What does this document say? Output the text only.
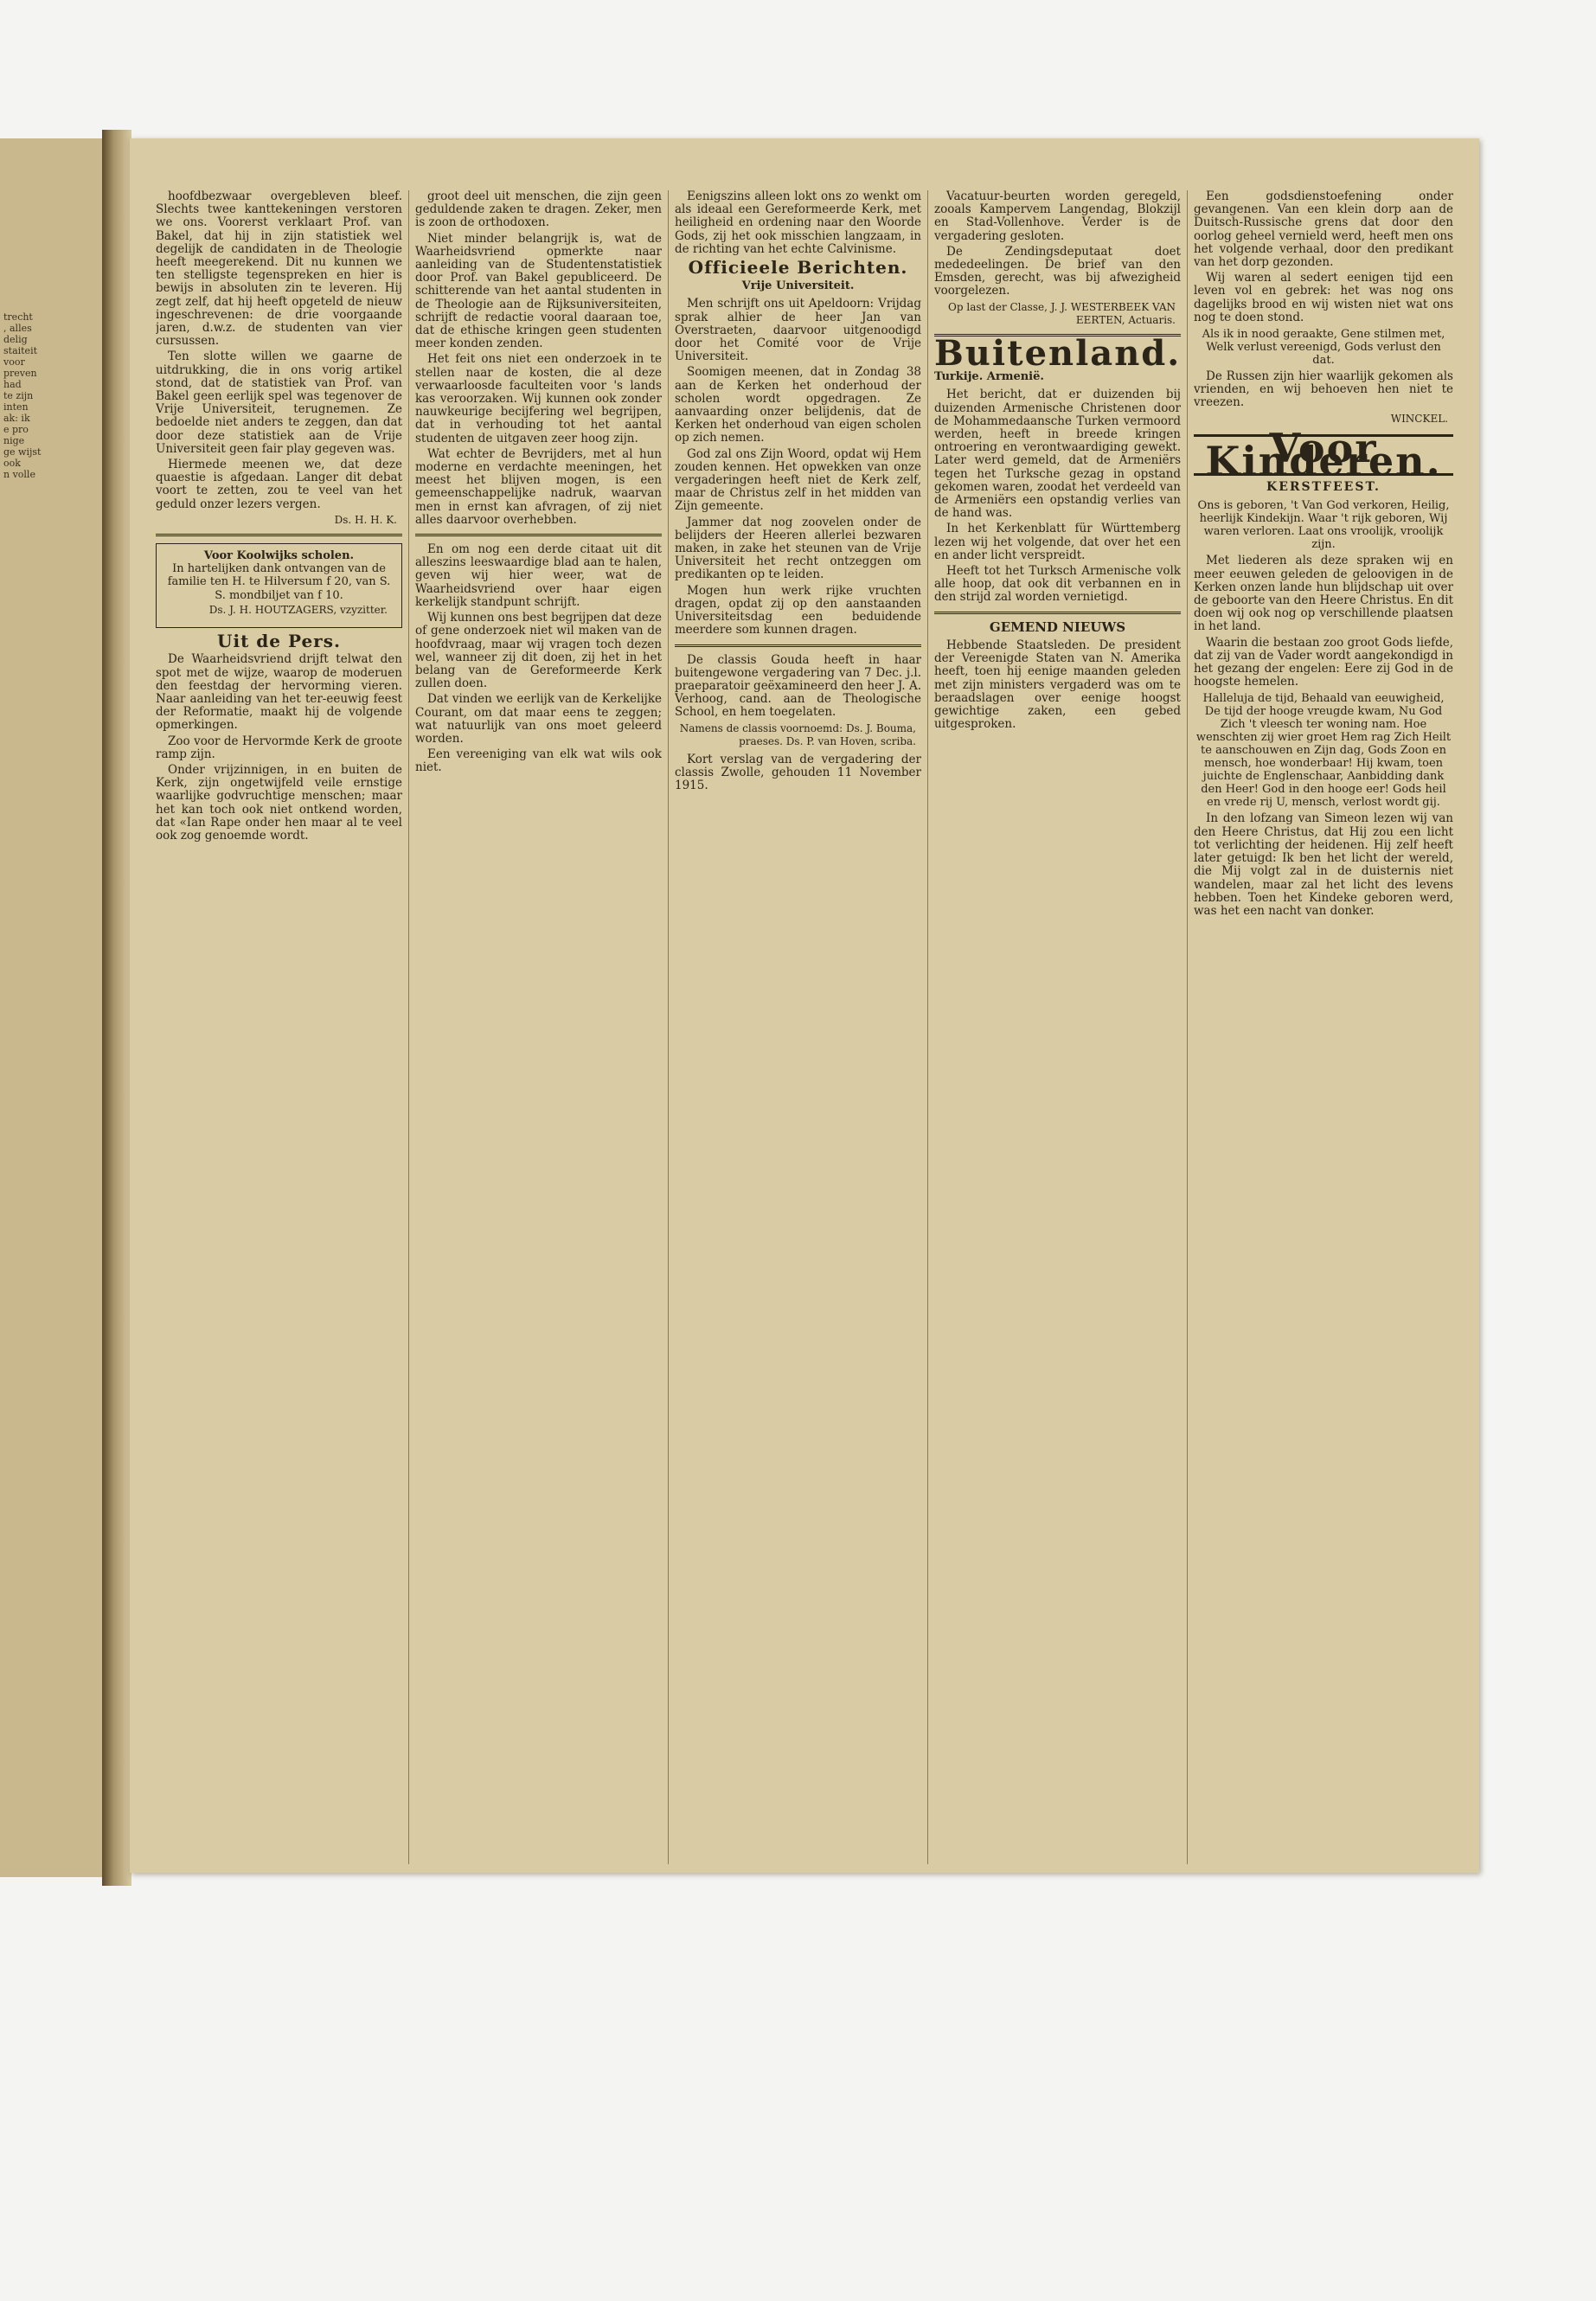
trecht
, alles
delig
staiteit
voor
preven
had
te zijn
inten
ak: ik
e pro
nige
ge wijst
ook
n volle

hoofdbezwaar overgebleven bleef. Slechts twee kanttekeningen verstoren we ons. Voorerst verklaart Prof. van Bakel, dat hij in zijn statistiek wel degelijk de candidaten in de Theologie heeft meegerekend. Dit nu kunnen we ten stelligste tegenspreken en hier is bewijs in absoluten zin te leveren. Hij zegt zelf, dat hij heeft opgeteld de nieuw ingeschrevenen: de drie voorgaande jaren, d.w.z. de studenten van vier cursussen.

Ten slotte willen we gaarne de uitdrukking, die in ons vorig artikel stond, dat de statistiek van Prof. van Bakel geen eerlijk spel was tegenover de Vrije Universiteit, terugnemen. Ze bedoelde niet anders te zeggen, dan dat door deze statistiek aan de Vrije Universiteit geen fair play gegeven was.

Hiermede meenen we, dat deze quaestie is afgedaan. Langer dit debat voort te zetten, zou te veel van het geduld onzer lezers vergen.

Ds. H. H. K.
Voor Koolwijks scholen.
In hartelijken dank ontvangen van de familie ten H. te Hilversum f 20, van S. S. mondbiljet van f 10.
Ds. J. H. HOUTZAGERS, vzyzitter.
Uit de Pers.

De Waarheidsvriend drijft telwat den spot met de wijze, waarop de moderuen den feestdag der hervorming vieren. Naar aanleiding van het ter-eeuwig feest der Reformatie, maakt hij de volgende opmerkingen.

Zoo voor de Hervormde Kerk de groote ramp zijn.

Onder vrijzinnigen, in en buiten de Kerk, zijn ongetwijfeld veile ernstige waarlijke godvruchtige menschen; maar het kan toch ook niet ontkend worden, dat «Ian Rape onder hen maar al te veel ook zog genoemde wordt.

groot deel uit menschen, die zijn geen geduldende zaken te dragen. Zeker, men is zoon de orthodoxen.

Niet minder belangrijk is, wat de Waarheidsvriend opmerkte naar aanleiding van de Studentenstatistiek door Prof. van Bakel gepubliceerd. De schitterende van het aantal studenten in de Theologie aan de Rijksuniversiteiten, schrijft de redactie vooral daaraan toe, dat de ethische kringen geen studenten meer konden zenden.

Het feit ons niet een onderzoek in te stellen naar de kosten, die al deze verwaarloosde faculteiten voor 's lands kas veroorzaken. Wij kunnen ook zonder nauwkeurige becijfering wel begrijpen, dat in verhouding tot het aantal studenten de uitgaven zeer hoog zijn.

Wat echter de Bevrijders, met al hun moderne en verdachte meeningen, het meest het blijven mogen, is een gemeenschappelijke nadruk, waarvan men in ernst kan afvragen, of zij niet alles daarvoor overhebben.

En om nog een derde citaat uit dit alleszins leeswaardige blad aan te halen, geven wij hier weer, wat de Waarheidsvriend over haar eigen kerkelijk standpunt schrijft.

Wij kunnen ons best begrijpen dat deze of gene onderzoek niet wil maken van de hoofdvraag, maar wij vragen toch dezen wel, wanneer zij dit doen, zij het in het belang van de Gereformeerde Kerk zullen doen.

Dat vinden we eerlijk van de Kerkelijke Courant, om dat maar eens te zeggen; wat natuurlijk van ons moet geleerd worden.

Een vereeniging van elk wat wils ook niet.

Eenigszins alleen lokt ons zo wenkt om als ideaal een Gereformeerde Kerk, met heiligheid en ordening naar den Woorde Gods, zij het ook misschien langzaam, in de richting van het echte Calvinisme.

Officieele Berichten.
Vrije Universiteit.

Men schrijft ons uit Apeldoorn: Vrijdag sprak alhier de heer Jan van Overstraeten, daarvoor uitgenoodigd door het Comité voor de Vrije Universiteit.

Soomigen meenen, dat in Zondag 38 aan de Kerken het onderhoud der scholen wordt opgedragen. Ze aanvaarding onzer belijdenis, dat de Kerken het onderhoud van eigen scholen op zich nemen.

God zal ons Zijn Woord, opdat wij Hem zouden kennen. Het opwekken van onze vergaderingen heeft niet de Kerk zelf, maar de Christus zelf in het midden van Zijn gemeente.

Jammer dat nog zoovelen onder de belijders der Heeren allerlei bezwaren maken, in zake het steunen van de Vrije Universiteit het recht ontzeggen om predikanten op te leiden.

Mogen hun werk rijke vruchten dragen, opdat zij op den aanstaanden Universiteitsdag een beduidende meerdere som kunnen dragen.

De classis Gouda heeft in haar buitengewone vergadering van 7 Dec. j.l. praeparatoir geëxamineerd den heer J. A. Verhoog, cand. aan de Theologische School, en hem toegelaten.

Namens de classis voornoemd: Ds. J. Bouma, praeses. Ds. P. van Hoven, scriba.

Kort verslag van de vergadering der classis Zwolle, gehouden 11 November 1915.

Vacatuur-beurten worden geregeld, zooals Kampervem Langendag, Blokzijl en Stad-Vollenhove. Verder is de vergadering gesloten.

De Zendingsdeputaat doet mededeelingen. De brief van den Emsden, gerecht, was bij afwezigheid voorgelezen.

Op last der Classe, J. J. WESTERBEEK VAN EERTEN, Actuaris.
Buitenland.
Turkije. Armenië.

Het bericht, dat er duizenden bij duizenden Armenische Christenen door de Mohammedaansche Turken vermoord werden, heeft in breede kringen ontroering en verontwaardiging gewekt. Later werd gemeld, dat de Armeniërs tegen het Turksche gezag in opstand gekomen waren, zoodat het verdeeld van de Armeniërs een opstandig verlies van de hand was.

In het Kerkenblatt für Württemberg lezen wij het volgende, dat over het een en ander licht verspreidt.

Heeft tot het Turksch Armenische volk alle hoop, dat ook dit verbannen en in den strijd zal worden vernietigd.

GEMEND NIEUWS

Hebbende Staatsleden. De president der Vereenigde Staten van N. Amerika heeft, toen hij eenige maanden geleden met zijn ministers vergaderd was om te beraadslagen over eenige hoogst gewichtige zaken, een gebed uitgesproken.

Een godsdienstoefening onder gevangenen. Van een klein dorp aan de Duitsch-Russische grens dat door den oorlog geheel vernield werd, heeft men ons het volgende verhaal, door den predikant van het dorp gezonden.

Wij waren al sedert eenigen tijd een leven vol en gebrek: het was nog ons dagelijks brood en wij wisten niet wat ons nog te doen stond.

Als ik in nood geraakte, Gene stilmen met, Welk verlust vereenigd, Gods verlust den dat.

De Russen zijn hier waarlijk gekomen als vrienden, en wij behoeven hen niet te vreezen.

WINCKEL.
Voor Kinderen.
KERSTFEEST.
Ons is geboren, 't Van God verkoren, Heilig, heerlijk Kindekijn. Waar 't rijk geboren, Wij waren verloren. Laat ons vroolijk, vroolijk zijn.

Met liederen als deze spraken wij en meer eeuwen geleden de geloovigen in de Kerken onzen lande hun blijdschap uit over de geboorte van den Heere Christus. En dit doen wij ook nog op verschillende plaatsen in het land.

Waarin die bestaan zoo groot Gods liefde, dat zij van de Vader wordt aangekondigd in het gezang der engelen: Eere zij God in de hoogste hemelen.

Halleluja de tijd, Behaald van eeuwigheid, De tijd der hooge vreugde kwam, Nu God Zich 't vleesch ter woning nam. Hoe wenschten zij wier groet Hem rag Zich Heilt te aanschouwen en Zijn dag, Gods Zoon en mensch, hoe wonderbaar! Hij kwam, toen juichte de Englenschaar, Aanbidding dank den Heer! God in den hooge eer! Gods heil en vrede rij U, mensch, verlost wordt gij.

In den lofzang van Simeon lezen wij van den Heere Christus, dat Hij zou een licht tot verlichting der heidenen. Hij zelf heeft later getuigd: Ik ben het licht der wereld, die Mij volgt zal in de duisternis niet wandelen, maar zal het licht des levens hebben. Toen het Kindeke geboren werd, was het een nacht van donker.
